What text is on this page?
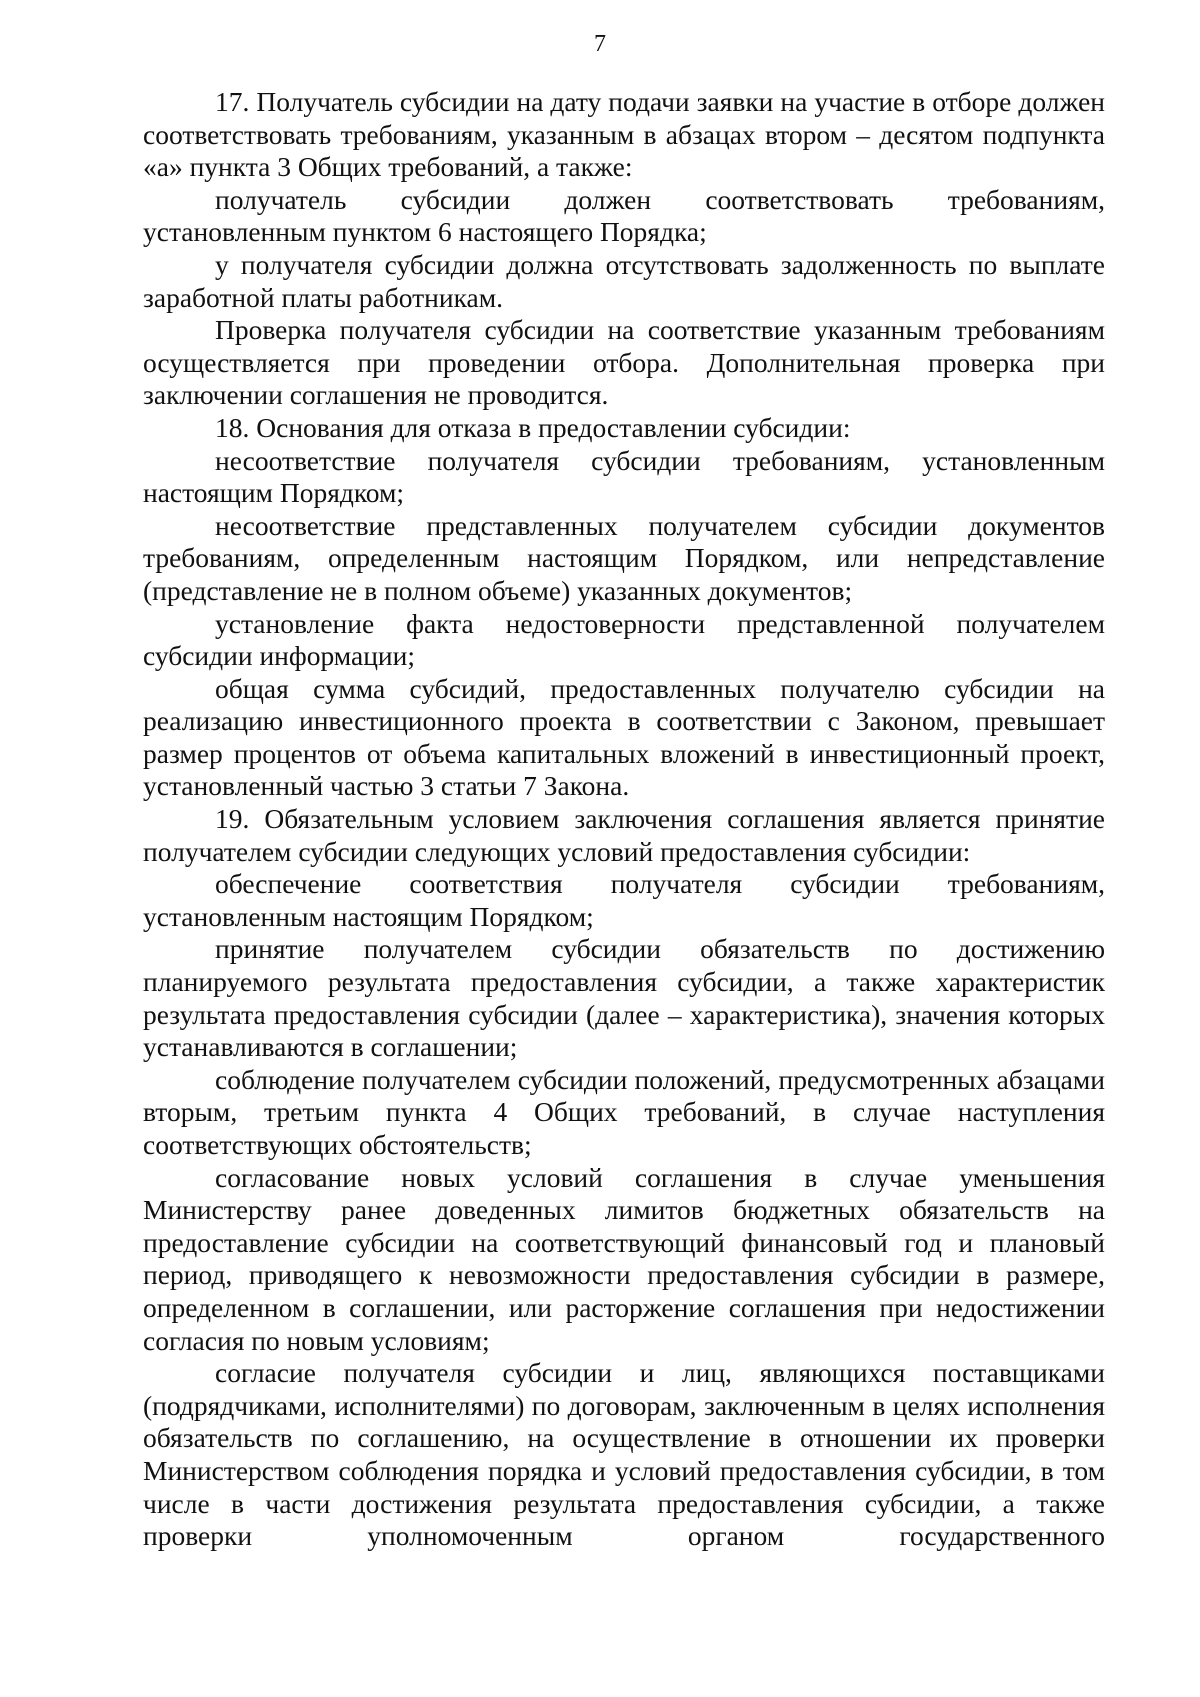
7

17. Получатель субсидии на дату подачи заявки на участие в отборе должен соответствовать требованиям, указанным в абзацах втором – десятом подпункта «а» пункта 3 Общих требований, а также:

получатель субсидии должен соответствовать требованиям, установленным пунктом 6 настоящего Порядка;

у получателя субсидии должна отсутствовать задолженность по выплате заработной платы работникам.

Проверка получателя субсидии на соответствие указанным требованиям осуществляется при проведении отбора. Дополнительная проверка при заключении соглашения не проводится.

18. Основания для отказа в предоставлении субсидии:

несоответствие получателя субсидии требованиям, установленным настоящим Порядком;

несоответствие представленных получателем субсидии документов требованиям, определенным настоящим Порядком, или непредставление (представление не в полном объеме) указанных документов;

установление факта недостоверности представленной получателем субсидии информации;

общая сумма субсидий, предоставленных получателю субсидии на реализацию инвестиционного проекта в соответствии с Законом, превышает размер процентов от объема капитальных вложений в инвестиционный проект, установленный частью 3 статьи 7 Закона.

19. Обязательным условием заключения соглашения является принятие получателем субсидии следующих условий предоставления субсидии:

обеспечение соответствия получателя субсидии требованиям, установленным настоящим Порядком;

принятие получателем субсидии обязательств по достижению планируемого результата предоставления субсидии, а также характеристик результата предоставления субсидии (далее – характеристика), значения которых устанавливаются в соглашении;

соблюдение получателем субсидии положений, предусмотренных абзацами вторым, третьим пункта 4 Общих требований, в случае наступления соответствующих обстоятельств;

согласование новых условий соглашения в случае уменьшения Министерству ранее доведенных лимитов бюджетных обязательств на предоставление субсидии на соответствующий финансовый год и плановый период, приводящего к невозможности предоставления субсидии в размере, определенном в соглашении, или расторжение соглашения при недостижении согласия по новым условиям;

согласие получателя субсидии и лиц, являющихся поставщиками (подрядчиками, исполнителями) по договорам, заключенным в целях исполнения обязательств по соглашению, на осуществление в отношении их проверки Министерством соблюдения порядка и условий предоставления субсидии, в том числе в части достижения результата предоставления субсидии, а также проверки уполномоченным органом государственного
